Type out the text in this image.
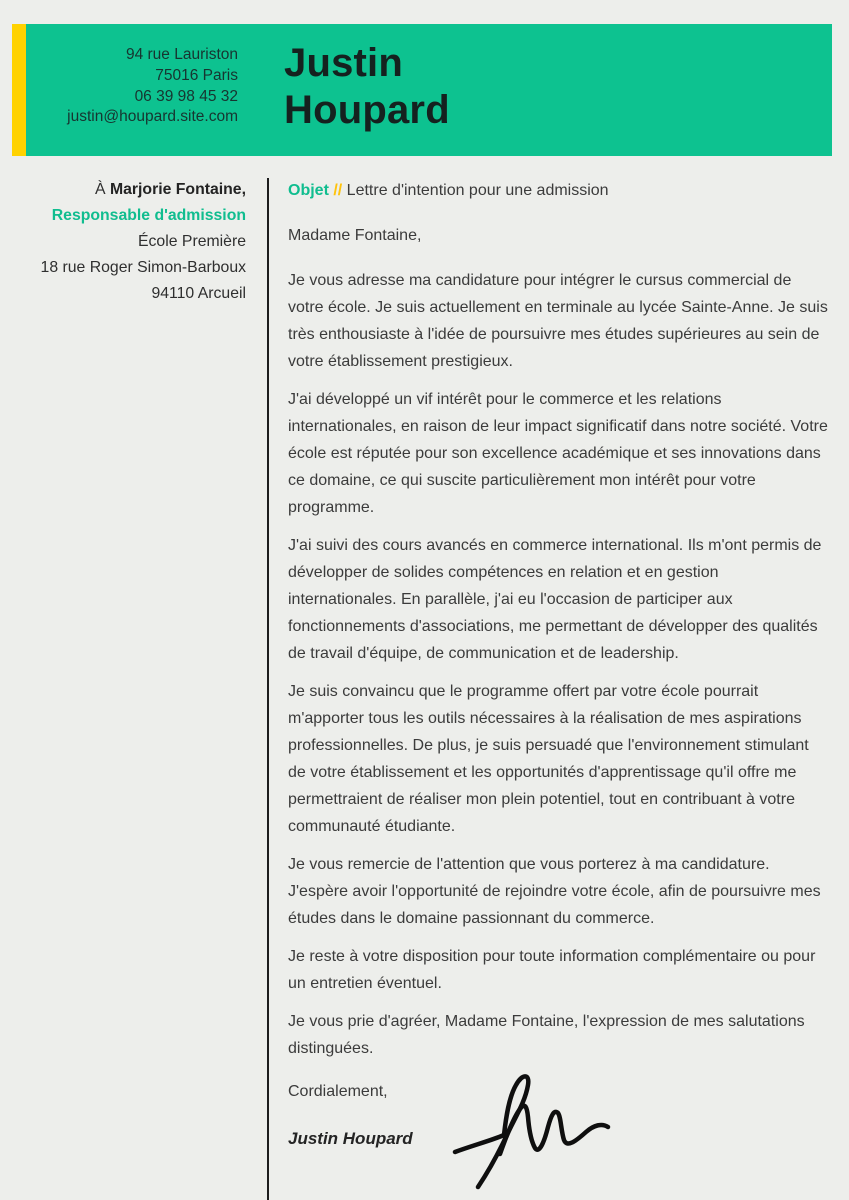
94 rue Lauriston
75016 Paris
06 39 98 45 32
justin@houpard.site.com
Justin
Houpard
À Marjorie Fontaine,
Responsable d'admission
École Première
18 rue Roger Simon-Barboux
94110 Arcueil
Objet // Lettre d'intention pour une admission
Madame Fontaine,

Je vous adresse ma candidature pour intégrer le cursus commercial de votre école. Je suis actuellement en terminale au lycée Sainte-Anne. Je suis très enthousiaste à l'idée de poursuivre mes études supérieures au sein de votre établissement prestigieux.

J'ai développé un vif intérêt pour le commerce et les relations internationales, en raison de leur impact significatif dans notre société. Votre école est réputée pour son excellence académique et ses innovations dans ce domaine, ce qui suscite particulièrement mon intérêt pour votre programme.

J'ai suivi des cours avancés en commerce international. Ils m'ont permis de développer de solides compétences en relation et en gestion internationales. En parallèle, j'ai eu l'occasion de participer aux fonctionnements d'associations, me permettant de développer des qualités de travail d'équipe, de communication et de leadership.

Je suis convaincu que le programme offert par votre école pourrait m'apporter tous les outils nécessaires à la réalisation de mes aspirations professionnelles. De plus, je suis persuadé que l'environnement stimulant de votre établissement et les opportunités d'apprentissage qu'il offre me permettraient de réaliser mon plein potentiel, tout en contribuant à votre communauté étudiante.

Je vous remercie de l'attention que vous porterez à ma candidature. J'espère avoir l'opportunité de rejoindre votre école, afin de poursuivre mes études dans le domaine passionnant du commerce.

Je reste à votre disposition pour toute information complémentaire ou pour un entretien éventuel.

Je vous prie d'agréer, Madame Fontaine, l'expression de mes salutations distinguées.

Cordialement,
Justin Houpard
